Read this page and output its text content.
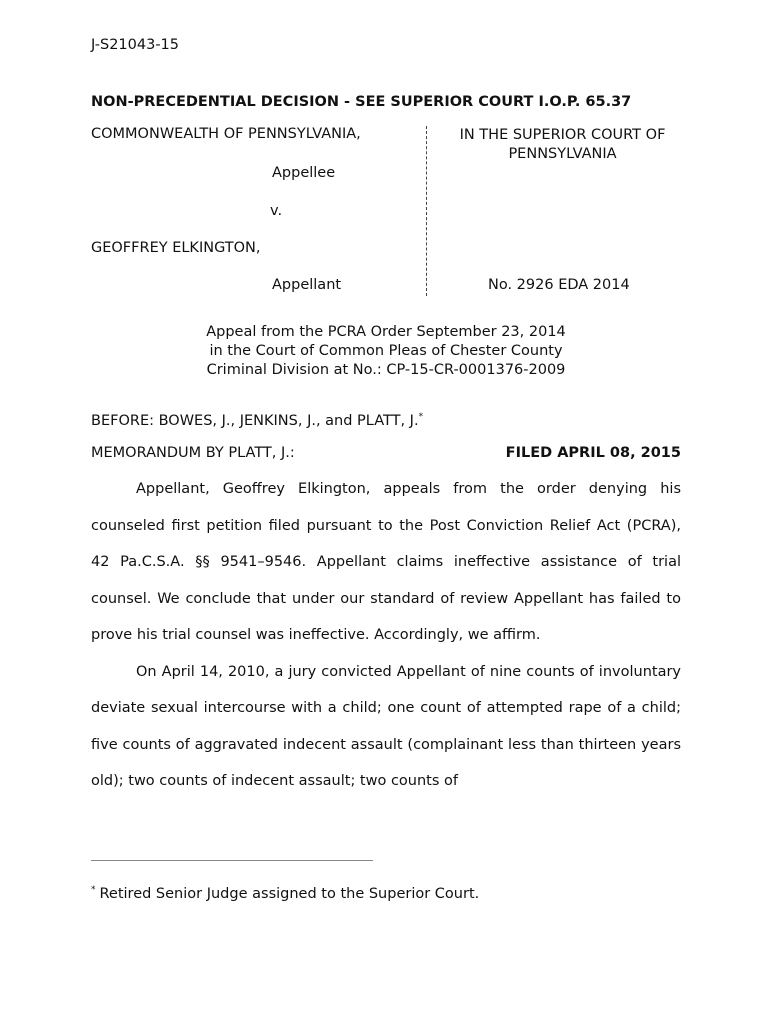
J-S21043-15
NON-PRECEDENTIAL DECISION - SEE SUPERIOR COURT I.O.P. 65.37
COMMONWEALTH OF PENNSYLVANIA,
Appellee
v.
GEOFFREY ELKINGTON,
Appellant
IN THE SUPERIOR COURT OF PENNSYLVANIA
No. 2926 EDA 2014
Appeal from the PCRA Order September 23, 2014
in the Court of Common Pleas of Chester County
Criminal Division at No.: CP-15-CR-0001376-2009
BEFORE: BOWES, J., JENKINS, J., and PLATT, J.*
MEMORANDUM BY PLATT, J.:	FILED APRIL 08, 2015

Appellant, Geoffrey Elkington, appeals from the order denying his counseled first petition filed pursuant to the Post Conviction Relief Act (PCRA), 42 Pa.C.S.A. §§ 9541–9546. Appellant claims ineffective assistance of trial counsel. We conclude that under our standard of review Appellant has failed to prove his trial counsel was ineffective. Accordingly, we affirm.

On April 14, 2010, a jury convicted Appellant of nine counts of involuntary deviate sexual intercourse with a child; one count of attempted rape of a child; five counts of aggravated indecent assault (complainant less than thirteen years old); two counts of indecent assault; two counts of

* Retired Senior Judge assigned to the Superior Court.
